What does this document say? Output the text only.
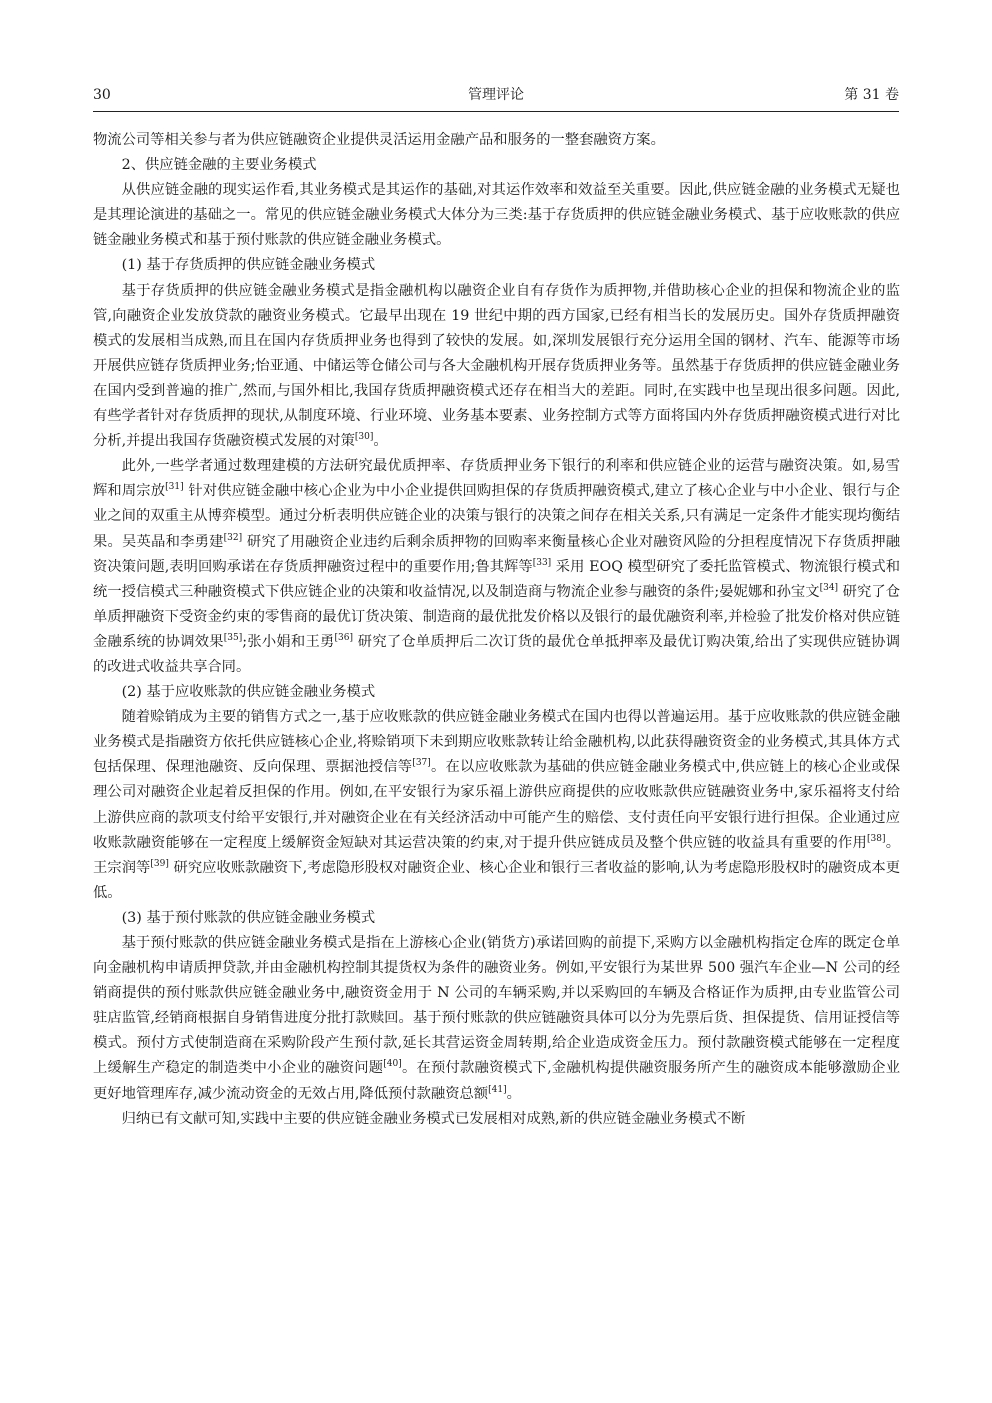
30	管理评论	第 31 卷

物流公司等相关参与者为供应链融资企业提供灵活运用金融产品和服务的一整套融资方案。

2、供应链金融的主要业务模式

从供应链金融的现实运作看,其业务模式是其运作的基础,对其运作效率和效益至关重要。因此,供应链金融的业务模式无疑也是其理论演进的基础之一。常见的供应链金融业务模式大体分为三类:基于存货质押的供应链金融业务模式、基于应收账款的供应链金融业务模式和基于预付账款的供应链金融业务模式。

(1) 基于存货质押的供应链金融业务模式

基于存货质押的供应链金融业务模式是指金融机构以融资企业自有存货作为质押物,并借助核心企业的担保和物流企业的监管,向融资企业发放贷款的融资业务模式。它最早出现在 19 世纪中期的西方国家,已经有相当长的发展历史。国外存货质押融资模式的发展相当成熟,而且在国内存货质押业务也得到了较快的发展。如,深圳发展银行充分运用全国的钢材、汽车、能源等市场开展供应链存货质押业务;怡亚通、中储运等仓储公司与各大金融机构开展存货质押业务等。虽然基于存货质押的供应链金融业务在国内受到普遍的推广,然而,与国外相比,我国存货质押融资模式还存在相当大的差距。同时,在实践中也呈现出很多问题。因此,有些学者针对存货质押的现状,从制度环境、行业环境、业务基本要素、业务控制方式等方面将国内外存货质押融资模式进行对比分析,并提出我国存货融资模式发展的对策[30]。

此外,一些学者通过数理建模的方法研究最优质押率、存货质押业务下银行的利率和供应链企业的运营与融资决策。如,易雪辉和周宗放[31] 针对供应链金融中核心企业为中小企业提供回购担保的存货质押融资模式,建立了核心企业与中小企业、银行与企业之间的双重主从博弈模型。通过分析表明供应链企业的决策与银行的决策之间存在相关关系,只有满足一定条件才能实现均衡结果。吴英晶和李勇建[32] 研究了用融资企业违约后剩余质押物的回购率来衡量核心企业对融资风险的分担程度情况下存货质押融资决策问题,表明回购承诺在存货质押融资过程中的重要作用;鲁其辉等[33] 采用 EOQ 模型研究了委托监管模式、物流银行模式和统一授信模式三种融资模式下供应链企业的决策和收益情况,以及制造商与物流企业参与融资的条件;晏妮娜和孙宝文[34] 研究了仓单质押融资下受资金约束的零售商的最优订货决策、制造商的最优批发价格以及银行的最优融资利率,并检验了批发价格对供应链金融系统的协调效果[35];张小娟和王勇[36] 研究了仓单质押后二次订货的最优仓单抵押率及最优订购决策,给出了实现供应链协调的改进式收益共享合同。

(2) 基于应收账款的供应链金融业务模式

随着赊销成为主要的销售方式之一,基于应收账款的供应链金融业务模式在国内也得以普遍运用。基于应收账款的供应链金融业务模式是指融资方依托供应链核心企业,将赊销项下未到期应收账款转让给金融机构,以此获得融资资金的业务模式,其具体方式包括保理、保理池融资、反向保理、票据池授信等[37]。在以应收账款为基础的供应链金融业务模式中,供应链上的核心企业或保理公司对融资企业起着反担保的作用。例如,在平安银行为家乐福上游供应商提供的应收账款供应链融资业务中,家乐福将支付给上游供应商的款项支付给平安银行,并对融资企业在有关经济活动中可能产生的赔偿、支付责任向平安银行进行担保。企业通过应收账款融资能够在一定程度上缓解资金短缺对其运营决策的约束,对于提升供应链成员及整个供应链的收益具有重要的作用[38]。王宗润等[39] 研究应收账款融资下,考虑隐形股权对融资企业、核心企业和银行三者收益的影响,认为考虑隐形股权时的融资成本更低。

(3) 基于预付账款的供应链金融业务模式

基于预付账款的供应链金融业务模式是指在上游核心企业(销货方)承诺回购的前提下,采购方以金融机构指定仓库的既定仓单向金融机构申请质押贷款,并由金融机构控制其提货权为条件的融资业务。例如,平安银行为某世界 500 强汽车企业—N 公司的经销商提供的预付账款供应链金融业务中,融资资金用于 N 公司的车辆采购,并以采购回的车辆及合格证作为质押,由专业监管公司驻店监管,经销商根据自身销售进度分批打款赎回。基于预付账款的供应链融资具体可以分为先票后货、担保提货、信用证授信等模式。预付方式使制造商在采购阶段产生预付款,延长其营运资金周转期,给企业造成资金压力。预付款融资模式能够在一定程度上缓解生产稳定的制造类中小企业的融资问题[40]。在预付款融资模式下,金融机构提供融资服务所产生的融资成本能够激励企业更好地管理库存,减少流动资金的无效占用,降低预付款融资总额[41]。

归纳已有文献可知,实践中主要的供应链金融业务模式已发展相对成熟,新的供应链金融业务模式不断
